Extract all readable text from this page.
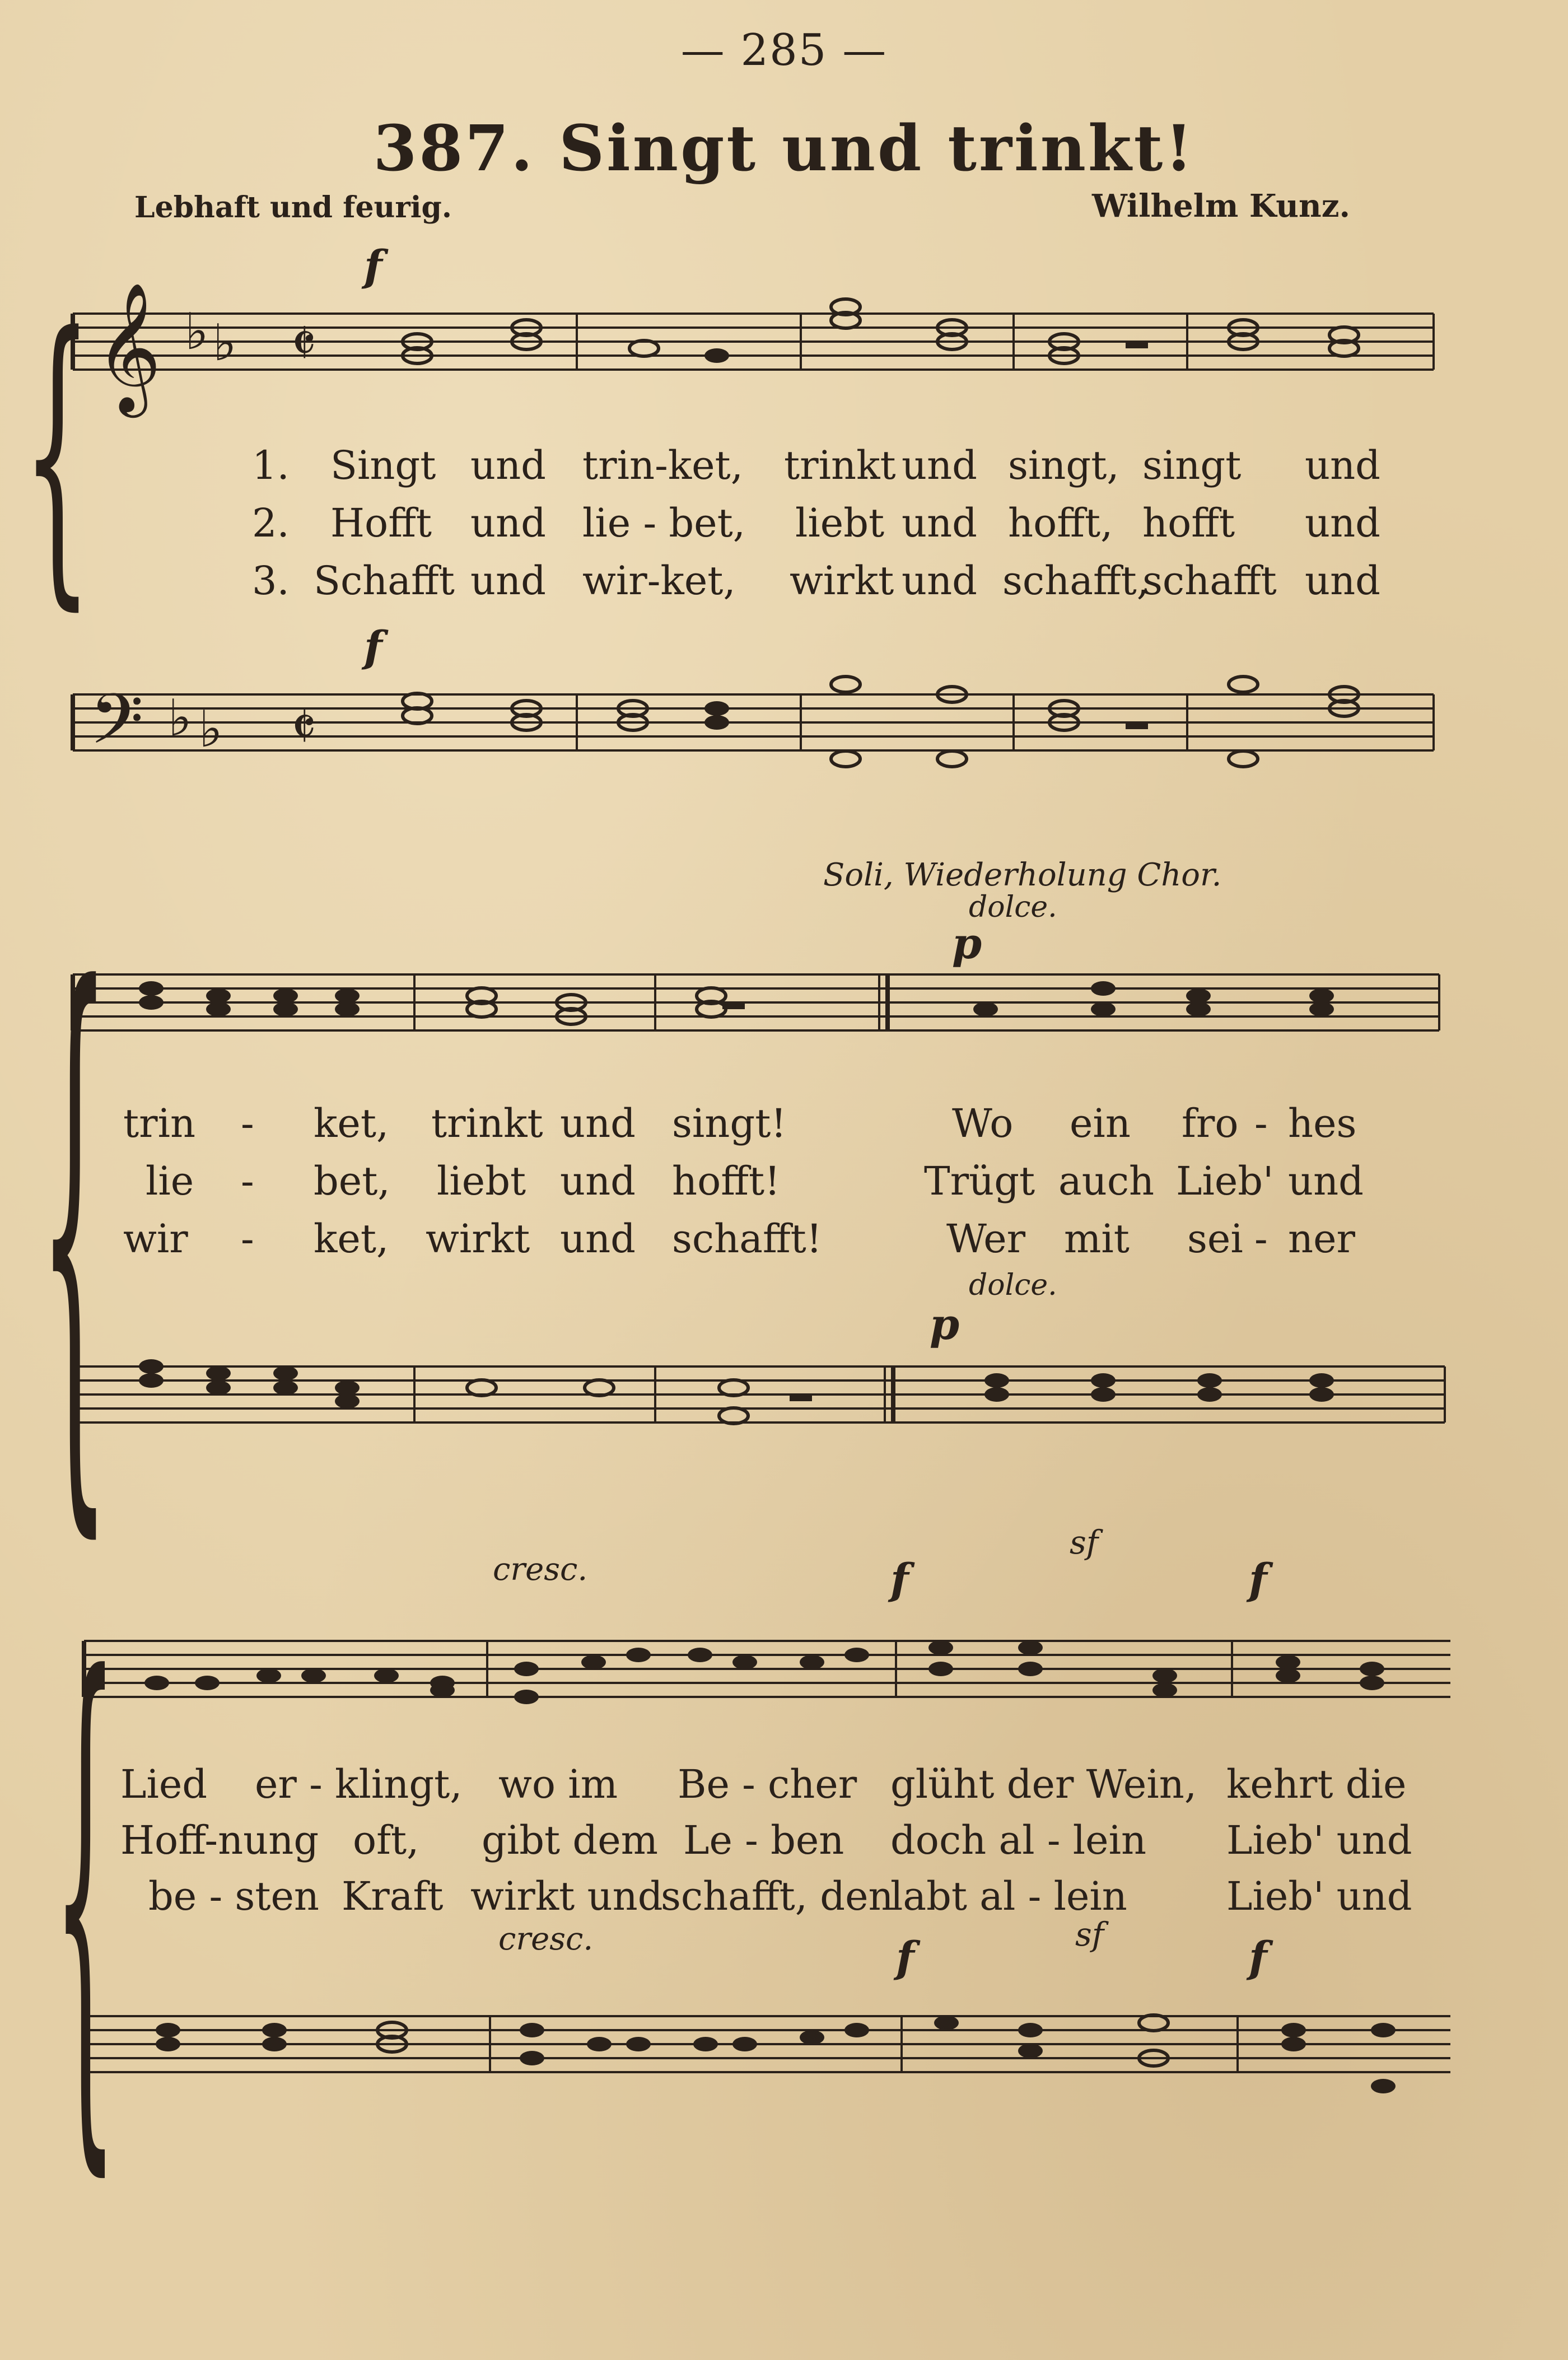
— 285 —
387. Singt und trinkt!
Lebhaft und feurig.	Wilhelm Kunz.
{ 𝄞 ♭ ♭ 𝄵
f
1. Singt und trin-ket, trinkt und singt, singt und
2. Hofft und lie - bet, liebt und hofft, hofft und
3. Schafft und wir-ket, wirkt und schafft,
schafft und
𝄢 ♭ ♭ 𝄵
f
{	Soli, Wiederholung Chor.
dolce.
p
trin - ket, trinkt und singt!	Wo ein fro - hes
lie - bet, liebt und hofft!	Trügt auch Lieb' und
wir - ket, wirkt und schafft!	Wer mit sei - ner
dolce.
p
{	cresc.
sf
f	f
Lied er - klingt, wo im Be - cher glüht der Wein, kehrt die
Hoff-nung oft, gibt dem Le - ben doch al - lein Lieb' und
be - sten Kraft wirkt und
schafft, den
labt al - lein	Lieb' und
cresc.	sf
f	f
